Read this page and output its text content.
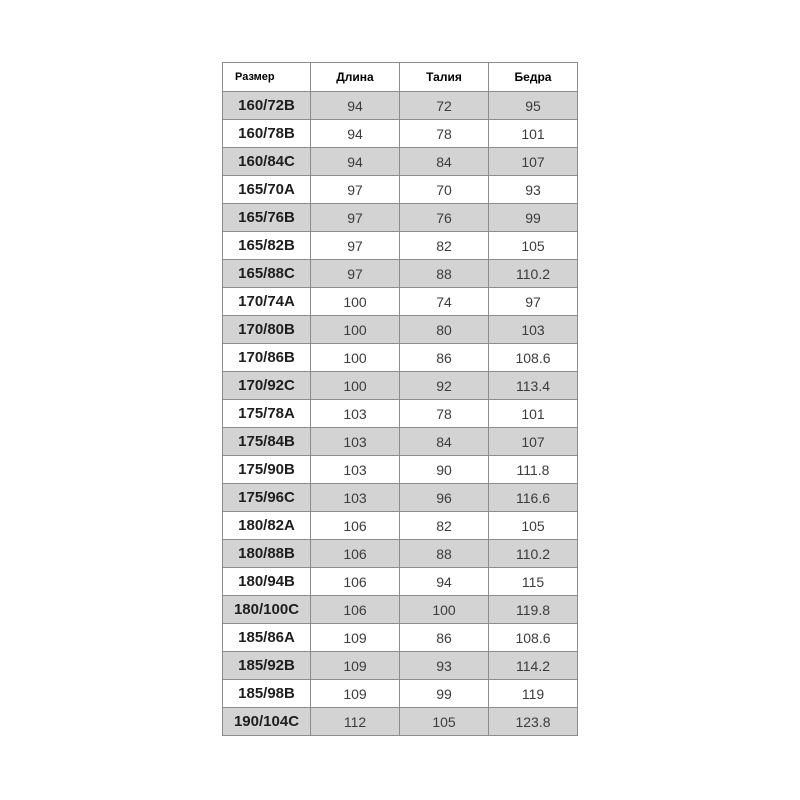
Размер	Длина	Талия	Бедра
160/72B	94	72	95
160/78B	94	78	101
160/84C	94	84	107
165/70A	97	70	93
165/76B	97	76	99
165/82B	97	82	105
165/88C	97	88	110.2
170/74A	100	74	97
170/80B	100	80	103
170/86B	100	86	108.6
170/92C	100	92	113.4
175/78A	103	78	101
175/84B	103	84	107
175/90B	103	90	111.8
175/96C	103	96	116.6
180/82A	106	82	105
180/88B	106	88	110.2
180/94B	106	94	115
180/100C	106	100	119.8
185/86A	109	86	108.6
185/92B	109	93	114.2
185/98B	109	99	119
190/104C	112	105	123.8
